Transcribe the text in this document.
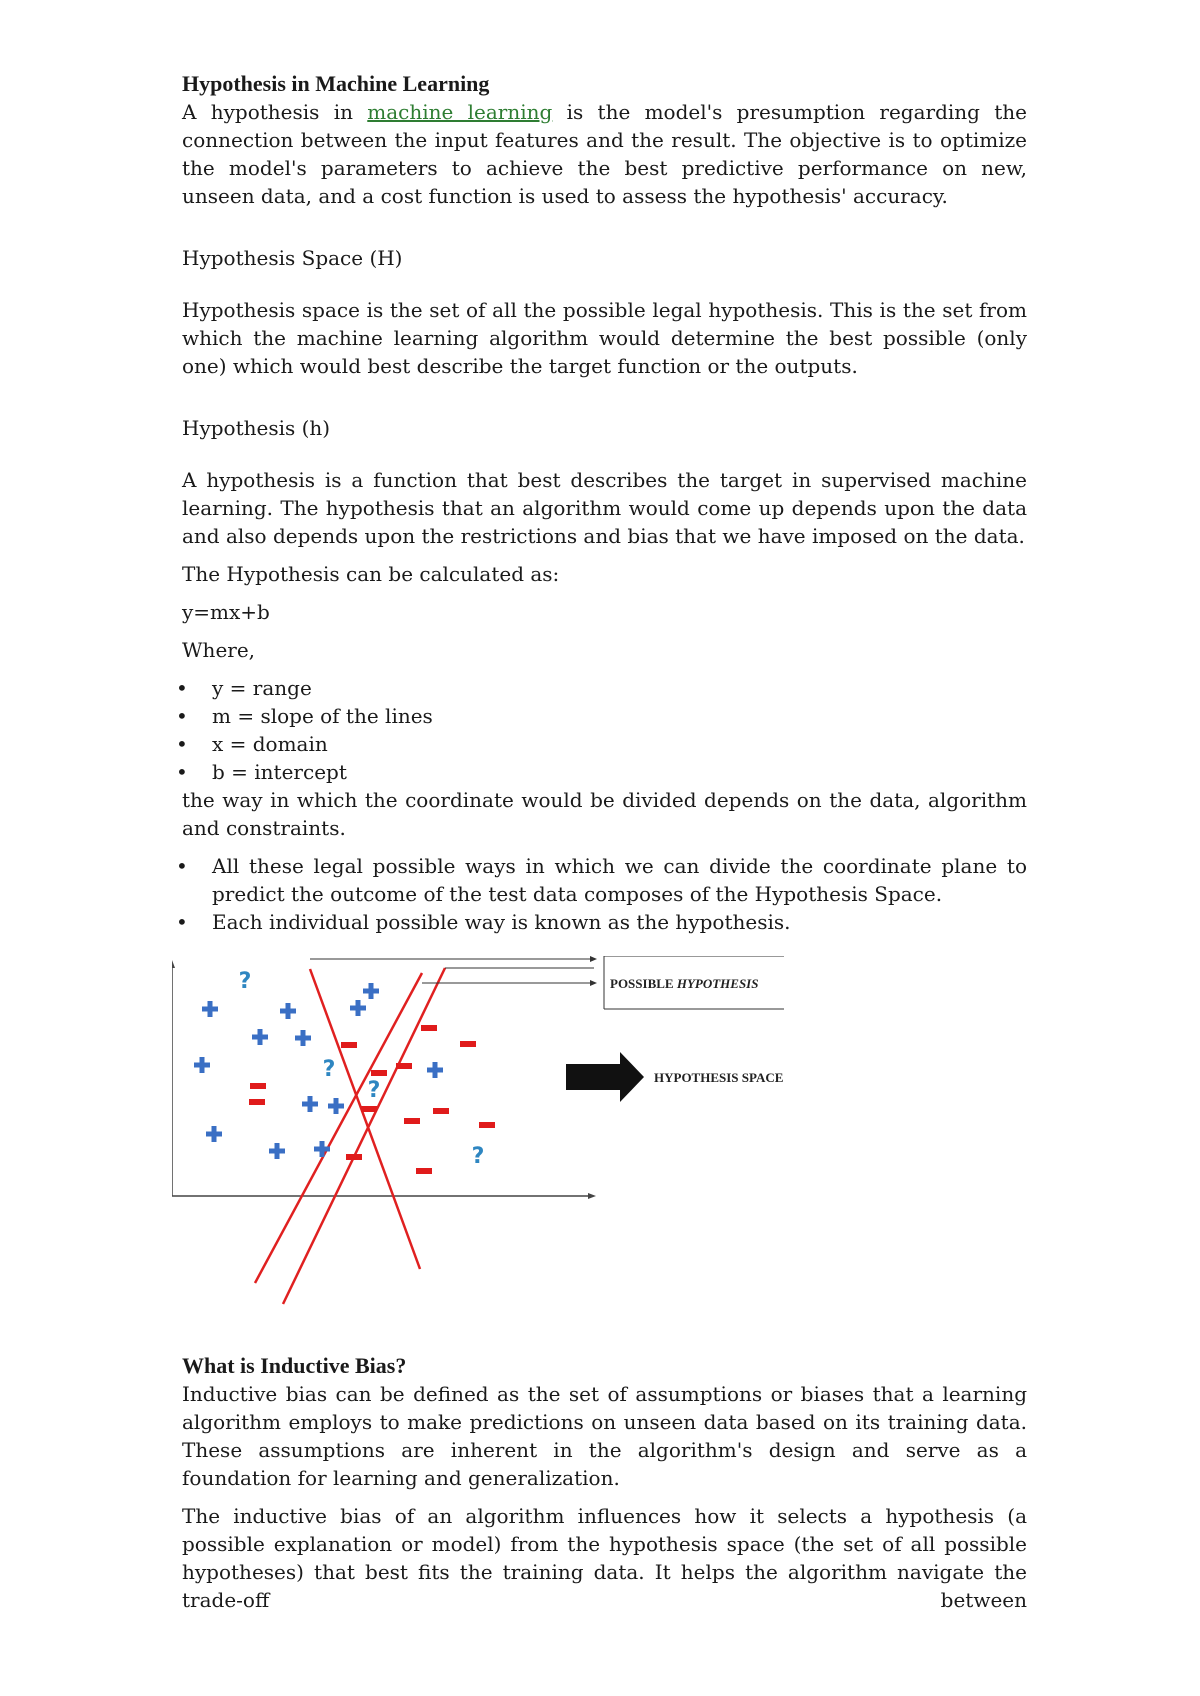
Hypothesis in Machine Learning

A hypothesis in machine learning is the model's presumption regarding the connection between the input features and the result. The objective is to optimize the model's parameters to achieve the best predictive performance on new, unseen data, and a cost function is used to assess the hypothesis' accuracy.

Hypothesis Space (H)

Hypothesis space is the set of all the possible legal hypothesis. This is the set from which the machine learning algorithm would determine the best possible (only one) which would best describe the target function or the outputs.

Hypothesis (h)

A hypothesis is a function that best describes the target in supervised machine learning. The hypothesis that an algorithm would come up depends upon the data and also depends upon the restrictions and bias that we have imposed on the data.

The Hypothesis can be calculated as:

y=mx+b

Where,

• y = range
• m = slope of the lines
• x = domain
• b = intercept

the way in which the coordinate would be divided depends on the data, algorithm and constraints.

• All these legal possible ways in which we can divide the coordinate plane to predict the outcome of the test data composes of the Hypothesis Space.
• Each individual possible way is known as the hypothesis.
POSSIBLE HYPOTHESIS
HYPOTHESIS SPACE
?
?
?
?
What is Inductive Bias?

Inductive bias can be defined as the set of assumptions or biases that a learning algorithm employs to make predictions on unseen data based on its training data. These assumptions are inherent in the algorithm's design and serve as a foundation for learning and generalization.

The inductive bias of an algorithm influences how it selects a hypothesis (a possible explanation or model) from the hypothesis space (the set of all possible hypotheses) that best fits the training data. It helps the algorithm navigate the trade-off between
